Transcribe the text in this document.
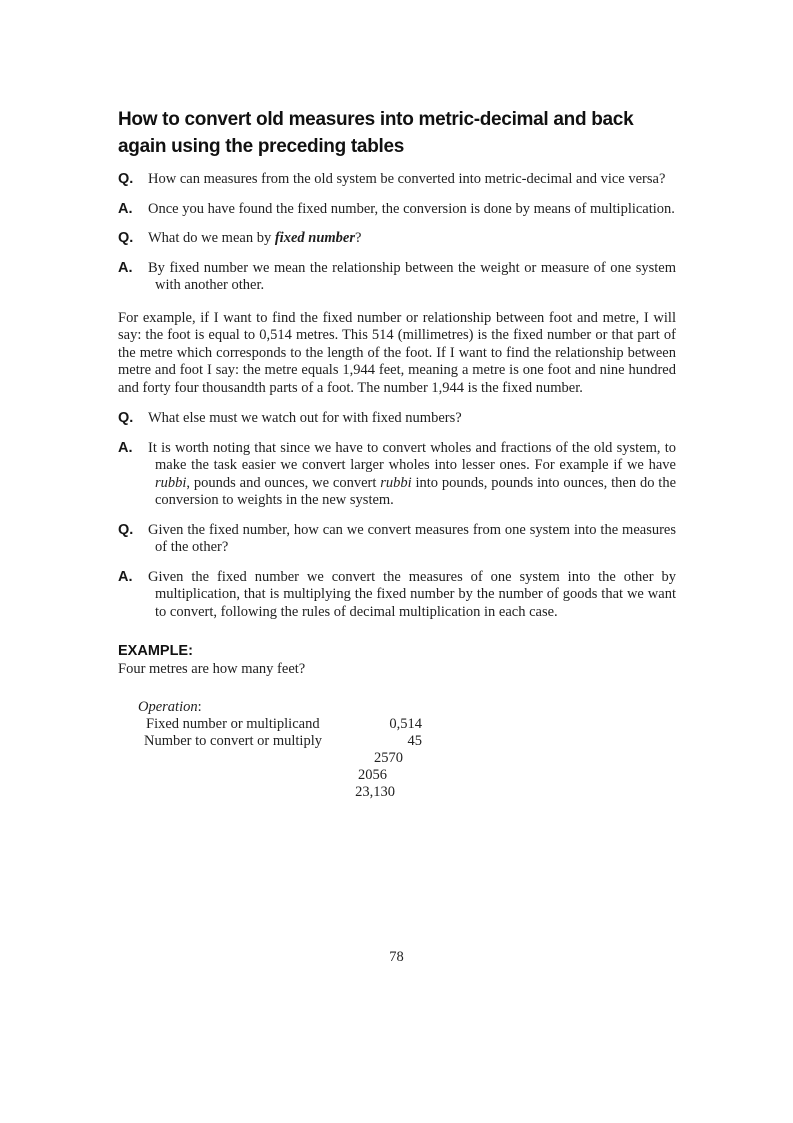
How to convert old measures into metric-decimal and back
again using the preceding tables
Q. How can measures from the old system be converted into metric-decimal and vice versa?
A. Once you have found the fixed number, the conversion is done by means of multiplication.
Q. What do we mean by fixed number?
A. By fixed number we mean the relationship between the weight or measure of one system with another other.
For example, if I want to find the fixed number or relationship between foot and metre, I will say: the foot is equal to 0,514 metres. This 514 (millimetres) is the fixed number or that part of the metre which corresponds to the length of the foot. If I want to find the relationship between metre and foot I say: the metre equals 1,944 feet, meaning a metre is one foot and nine hundred and forty four thousandth parts of a foot. The number 1,944 is the fixed number.
Q. What else must we watch out for with fixed numbers?
A. It is worth noting that since we have to convert wholes and fractions of the old system, to make the task easier we convert larger wholes into lesser ones. For example if we have rubbi, pounds and ounces, we convert rubbi into pounds, pounds into ounces, then do the conversion to weights in the new system.
Q. Given the fixed number, how can we convert measures from one system into the measures of the other?
A. Given the fixed number we convert the measures of one system into the other by multiplication, that is multiplying the fixed number by the number of goods that we want to convert, following the rules of decimal multiplication in each case.
EXAMPLE:
Four metres are how many feet?
Operation:
Fixed number or multiplicand	0,514
Number to convert or multiply	45
2570
2056
23,130
78
